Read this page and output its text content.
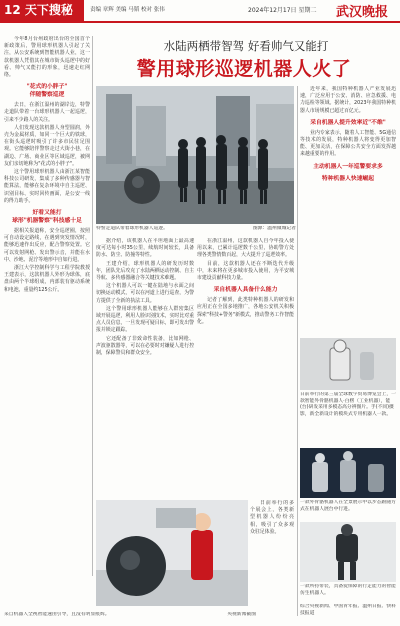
12 天下搜秘	责编 章辉 美编 马韬 校对 张伟	2024年12月17日 星期二 武汉晚报
水陆两栖带智驾 好看帅气又能打
警用球形巡逻机器人火了

今年8月台州政府出台的全国首个新政策后，警用球形机器人引起了关注，从公安系统到智能机器人业，这一款机器人凭借其在城市街头巡逻中的好看、帅气又能打的形象，迅速走红网络。

"花式的小胖子"
伴随警察巡逻

去日，在浙江温州的湖岸边，特警走道队带着一台球形机器人一起巡逻，引来不少路人的关注。

人们发现这款机器人身型圆润，外壳为金属材质，如同一个巨大的铁球，在街头巡逻时吸引了许多市民驻足围观。它能够陪伴警察走过大街小巷，在湖边、广场、商业区等区域巡逻，被网友们亲切地称为"花式的小胖子"。

这个警用球形机器人由浙江某智能科技公司研发，集成了多种传感器与智能算法，能够在复杂环境中自主巡逻、识别目标、实时回传画面，是公安一线的得力助手。

好看又能打
球形"机器警察"科技感十足

据相关报道称，安全巡逻圈，按照可自动设定路线，在遇到突发情况时，能够迅速作出反应，配合警察处置。它可以发射网枪、发出警示音，并能在水中、沙地、泥泞等地形中自如行进。

浙江大学控制科学与工程学院教授王建表示，这款机器人外形为球体，底盘由两个半球组成，内部装有驱动系统和电池，重量约125公斤。

特警走道队带着球形机器人巡逻。	图源：温州微城记者

据介绍，该机器人在平坦地面上最高速度可达每小时35公里，续航时间较长，具备防水、防尘、防撞等特性。

王建介绍，球形机器人的研发历时数年，团队先后攻克了水陆两栖运动控制、自主导航、多传感器融合等关键技术难题。

这个机器人可以一键在陆地与水面之间切换运动模式，可以在河道上进行巡查，为警方提供了全新的执法工具。

这个警用球形机器人能够在人群密集区域开展巡逻，利用人脸识别技术，实时比对重点人员信息，一旦发现可疑目标，即可发出警报并锁定跟踪。

它还配备了非致命性装备，比如网枪、声波驱散器等，可以在必要时对嫌疑人进行控制，保障警员和群众安全。

在浙江温州，这款机器人自今年投入使用以来，已累计巡逻数千公里，协助警方处理各类警情数百起，大大提升了巡逻效率。

目前，这款机器人还在不断迭代升级中，未来将在更多城市投入使用，为平安城市建设贡献科技力量。

采自机器人具备什么能力

记者了解到，此类特种机器人的研发和应用正在全国多地推广，各地公安机关积极探索"科技+警务"新模式，推动警务工作智能化。

采自机器人全视智能速由引导，且没有明显痕辉。	央视新闻截图

日前举行的多个展会上，各类新型机器人纷纷亮相，吸引了众多观众驻足体验。

近年来，我国特种机器人产业发展迅速，广泛应用于公安、消防、应急救援、电力巡检等领域。据统计，2023年我国特种机器人市场规模已超过百亿元。

采自机器人提升效率近"不维"

业内专家表示，随着人工智能、5G通信等技术的发展，特种机器人将变得更加智能、更加灵活，在保障公共安全方面发挥越来越重要的作用。

主动机器人一年巡警要求多
特种机器人快速崛起
日前举行的第三届全球数字贸易博览会上，一款智能外骨骼机器人·白楞（工业机器），能(台)研发采用多模态高分辨图片。手(不同)摄影，新全新设计的模块式专用机器人一款。
一款外骨骼机器人在全景展示中以步态跟随方式在机器人展台中行进。
一款所持带装，具备爱保障的行走能力的智能仿生机器人。
综合央视新闻、中国青年报、温州日报、快科技报道
